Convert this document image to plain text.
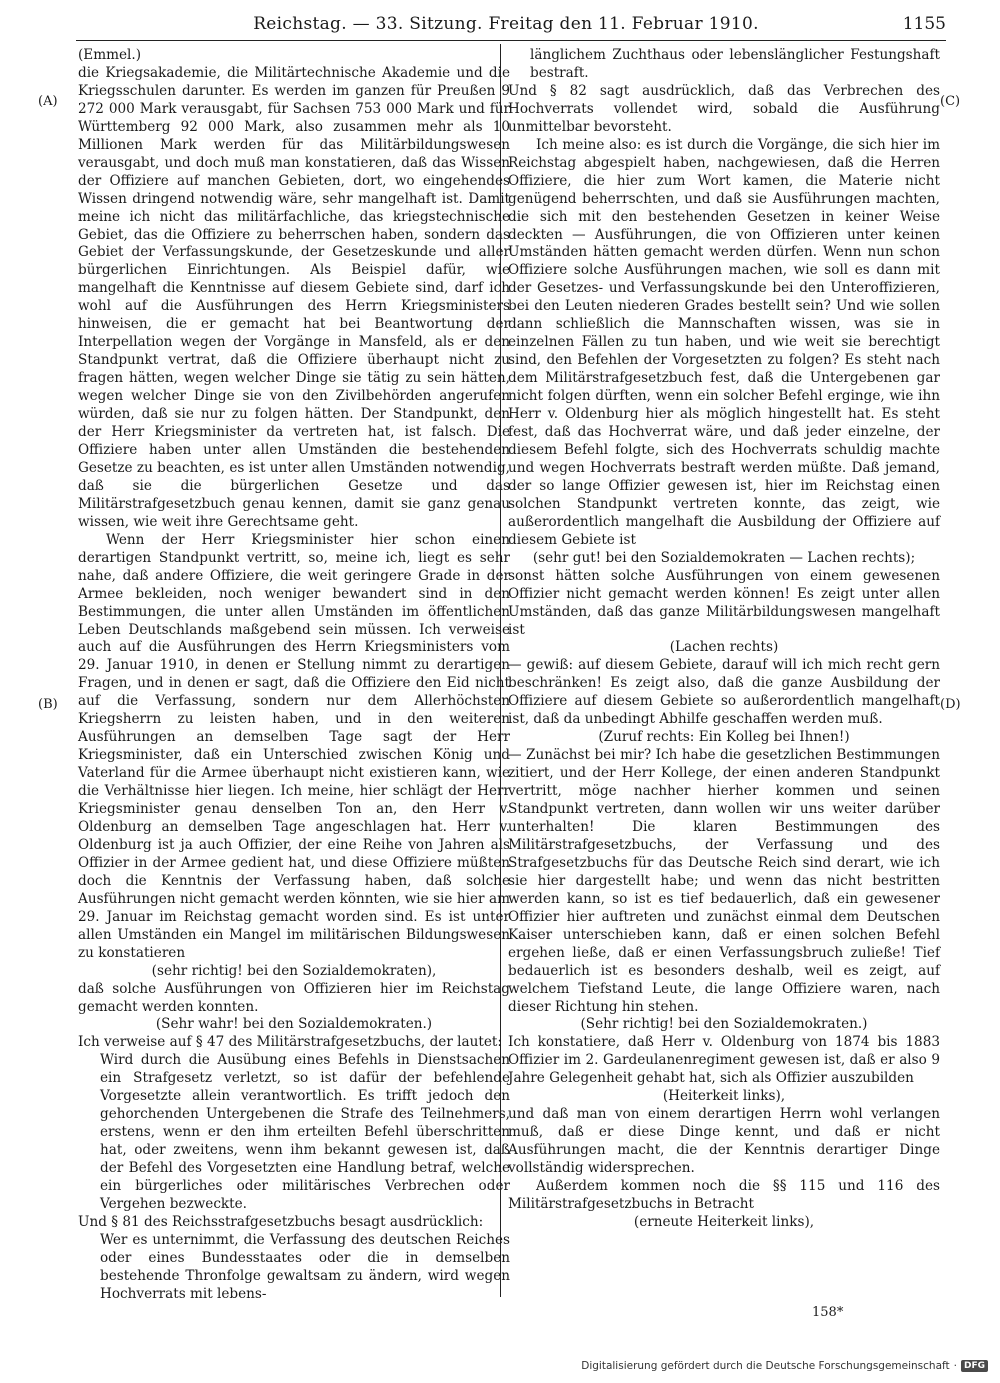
Reichstag. — 33. Sitzung. Freitag den 11. Februar 1910.	1155
(A)
(B)
(C)
(D)

(Emmel.)

die Kriegsakademie, die Militärtechnische Akademie und die Kriegsschulen darunter. Es werden im ganzen für Preußen 9 272 000 Mark verausgabt, für Sachsen 753 000 Mark und für Württemberg 92 000 Mark, also zusammen mehr als 10 Millionen Mark werden für das Militärbildungswesen verausgabt, und doch muß man konstatieren, daß das Wissen der Offiziere auf manchen Gebieten, dort, wo eingehendes Wissen dringend notwendig wäre, sehr mangelhaft ist. Damit meine ich nicht das militärfachliche, das kriegstechnische Gebiet, das die Offiziere zu beherrschen haben, sondern das Gebiet der Verfassungskunde, der Gesetzeskunde und aller bürgerlichen Einrichtungen. Als Beispiel dafür, wie mangelhaft die Kenntnisse auf diesem Gebiete sind, darf ich wohl auf die Ausführungen des Herrn Kriegsministers hinweisen, die er gemacht hat bei Beantwortung der Interpellation wegen der Vorgänge in Mansfeld, als er den Standpunkt vertrat, daß die Offiziere überhaupt nicht zu fragen hätten, wegen welcher Dinge sie tätig zu sein hätten, wegen welcher Dinge sie von den Zivilbehörden angerufen würden, daß sie nur zu folgen hätten. Der Standpunkt, den der Herr Kriegsminister da vertreten hat, ist falsch. Die Offiziere haben unter allen Umständen die bestehenden Gesetze zu beachten, es ist unter allen Umständen notwendig, daß sie die bürgerlichen Gesetze und das Militärstrafgesetzbuch genau kennen, damit sie ganz genau wissen, wie weit ihre Gerechtsame geht.

Wenn der Herr Kriegsminister hier schon einen derartigen Standpunkt vertritt, so, meine ich, liegt es sehr nahe, daß andere Offiziere, die weit geringere Grade in der Armee bekleiden, noch weniger bewandert sind in den Bestimmungen, die unter allen Umständen im öffentlichen Leben Deutschlands maßgebend sein müssen. Ich verweise auch auf die Ausführungen des Herrn Kriegsministers vom 29. Januar 1910, in denen er Stellung nimmt zu derartigen Fragen, und in denen er sagt, daß die Offiziere den Eid nicht auf die Verfassung, sondern nur dem Allerhöchsten Kriegsherrn zu leisten haben, und in den weiteren Ausführungen an demselben Tage sagt der Herr Kriegsminister, daß ein Unterschied zwischen König und Vaterland für die Armee überhaupt nicht existieren kann, wie die Verhältnisse hier liegen. Ich meine, hier schlägt der Herr Kriegsminister genau denselben Ton an, den Herr v. Oldenburg an demselben Tage angeschlagen hat. Herr v. Oldenburg ist ja auch Offizier, der eine Reihe von Jahren als Offizier in der Armee gedient hat, und diese Offiziere müßten doch die Kenntnis der Verfassung haben, daß solche Ausführungen nicht gemacht werden könnten, wie sie hier am 29. Januar im Reichstag gemacht worden sind. Es ist unter allen Umständen ein Mangel im militärischen Bildungswesen zu konstatieren

(sehr richtig! bei den Sozialdemokraten),

daß solche Ausführungen von Offizieren hier im Reichstag gemacht werden konnten.

(Sehr wahr! bei den Sozialdemokraten.)

Ich verweise auf § 47 des Militärstrafgesetzbuchs, der lautet:

Wird durch die Ausübung eines Befehls in Dienstsachen ein Strafgesetz verletzt, so ist dafür der befehlende Vorgesetzte allein verantwortlich. Es trifft jedoch den gehorchenden Untergebenen die Strafe des Teilnehmers, erstens, wenn er den ihm erteilten Befehl überschritten hat, oder zweitens, wenn ihm bekannt gewesen ist, daß der Befehl des Vorgesetzten eine Handlung betraf, welche ein bürgerliches oder militärisches Verbrechen oder Vergehen bezweckte.

Und § 81 des Reichsstrafgesetzbuchs besagt ausdrücklich:

Wer es unternimmt, die Verfassung des deutschen Reiches oder eines Bundesstaates oder die in demselben bestehende Thronfolge gewaltsam zu ändern, wird wegen Hochverrats mit lebens-

länglichem Zuchthaus oder lebenslänglicher Festungshaft bestraft.

Und § 82 sagt ausdrücklich, daß das Verbrechen des Hochverrats vollendet wird, sobald die Ausführung unmittelbar bevorsteht.

Ich meine also: es ist durch die Vorgänge, die sich hier im Reichstag abgespielt haben, nachgewiesen, daß die Herren Offiziere, die hier zum Wort kamen, die Materie nicht genügend beherrschten, und daß sie Ausführungen machten, die sich mit den bestehenden Gesetzen in keiner Weise deckten — Ausführungen, die von Offizieren unter keinen Umständen hätten gemacht werden dürfen. Wenn nun schon Offiziere solche Ausführungen machen, wie soll es dann mit der Gesetzes- und Verfassungskunde bei den Unteroffizieren, bei den Leuten niederen Grades bestellt sein? Und wie sollen dann schließlich die Mannschaften wissen, was sie in einzelnen Fällen zu tun haben, und wie weit sie berechtigt sind, den Befehlen der Vorgesetzten zu folgen? Es steht nach dem Militärstrafgesetzbuch fest, daß die Untergebenen gar nicht folgen dürften, wenn ein solcher Befehl erginge, wie ihn Herr v. Oldenburg hier als möglich hingestellt hat. Es steht fest, daß das Hochverrat wäre, und daß jeder einzelne, der diesem Befehl folgte, sich des Hochverrats schuldig machte und wegen Hochverrats bestraft werden müßte. Daß jemand, der so lange Offizier gewesen ist, hier im Reichstag einen solchen Standpunkt vertreten konnte, das zeigt, wie außerordentlich mangelhaft die Ausbildung der Offiziere auf diesem Gebiete ist

(sehr gut! bei den Sozialdemokraten — Lachen rechts);

sonst hätten solche Ausführungen von einem gewesenen Offizier nicht gemacht werden können! Es zeigt unter allen Umständen, daß das ganze Militärbildungswesen mangelhaft ist

(Lachen rechts)

— gewiß: auf diesem Gebiete, darauf will ich mich recht gern beschränken! Es zeigt also, daß die ganze Ausbildung der Offiziere auf diesem Gebiete so außerordentlich mangelhaft ist, daß da unbedingt Abhilfe geschaffen werden muß.

(Zuruf rechts: Ein Kolleg bei Ihnen!)

— Zunächst bei mir? Ich habe die gesetzlichen Bestimmungen zitiert, und der Herr Kollege, der einen anderen Standpunkt vertritt, möge nachher hierher kommen und seinen Standpunkt vertreten, dann wollen wir uns weiter darüber unterhalten! Die klaren Bestimmungen des Militärstrafgesetzbuchs, der Verfassung und des Strafgesetzbuchs für das Deutsche Reich sind derart, wie ich sie hier dargestellt habe; und wenn das nicht bestritten werden kann, so ist es tief bedauerlich, daß ein gewesener Offizier hier auftreten und zunächst einmal dem Deutschen Kaiser unterschieben kann, daß er einen solchen Befehl ergehen ließe, daß er einen Verfassungsbruch zuließe! Tief bedauerlich ist es besonders deshalb, weil es zeigt, auf welchem Tiefstand Leute, die lange Offiziere waren, nach dieser Richtung hin stehen.

(Sehr richtig! bei den Sozialdemokraten.)

Ich konstatiere, daß Herr v. Oldenburg von 1874 bis 1883 Offizier im 2. Gardeulanenregiment gewesen ist, daß er also 9 Jahre Gelegenheit gehabt hat, sich als Offizier auszubilden

(Heiterkeit links),

und daß man von einem derartigen Herrn wohl verlangen muß, daß er diese Dinge kennt, und daß er nicht Ausführungen macht, die der Kenntnis derartiger Dinge vollständig widersprechen.

Außerdem kommen noch die §§ 115 und 116 des Militärstrafgesetzbuchs in Betracht

(erneute Heiterkeit links),

158*
Digitalisierung gefördert durch die Deutsche Forschungsgemeinschaft · DFG
